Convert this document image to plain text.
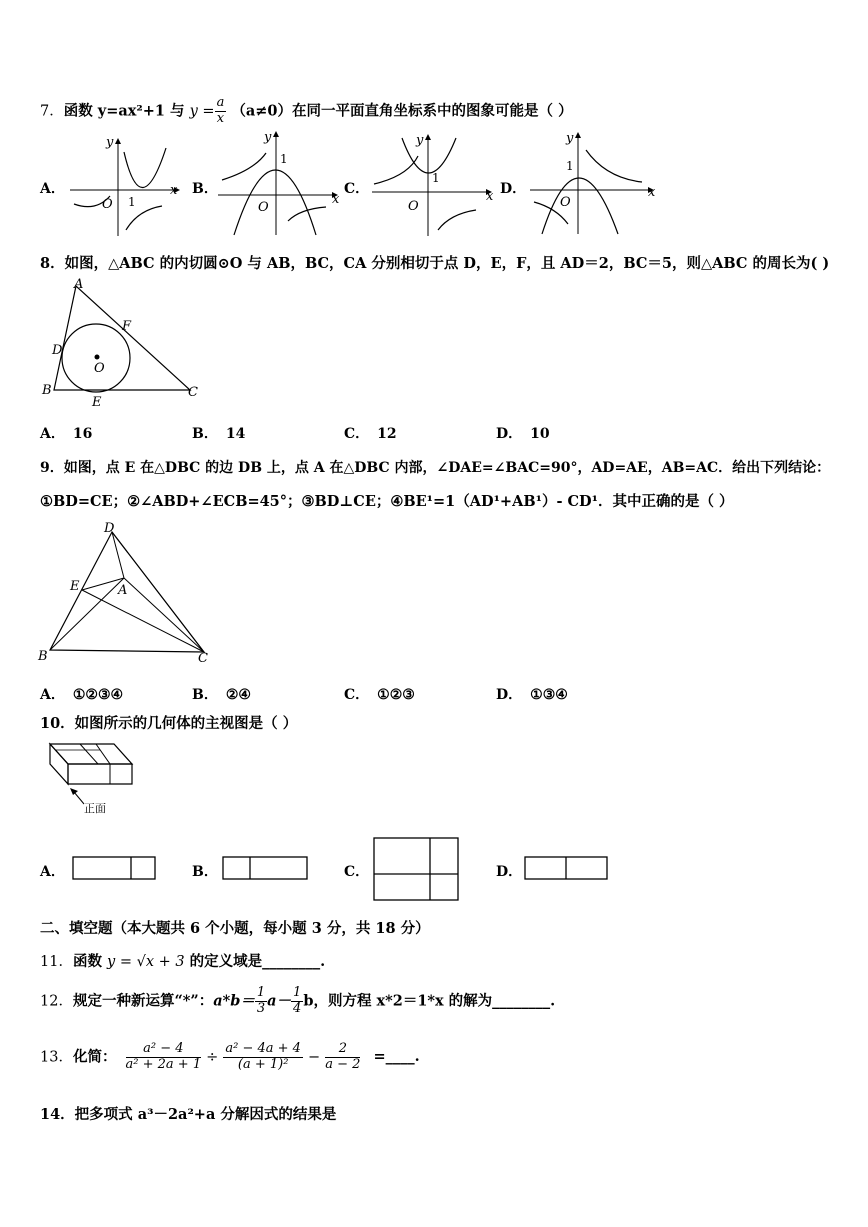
7．函数 y=ax²+1 与 $y = \frac{a}{x} (a\ne 0)$在同一平面直角坐标系中的图象可能是（ ）
A．	B．	C．	D．
y
x
O 1
y
x
O
1
y
x
O
1
y
x
O
1
8．如图，△ABC 的内切圆⊙O 与 AB，BC，CA 分别相切于点 D，E，F，且 AD＝2，BC＝5，则△ABC 的周长为( )
A
B	C
D
E
F
O
A． 16	B． 14	C． 12	D． 10
9．如图，点 E 在△DBC 的边 DB 上，点 A 在△DBC 内部，∠DAE=∠BAC=90°，AD=AE，AB=AC．给出下列结论：
①BD=CE；②∠ABD+∠ECB=45°；③BD⊥CE；④BE¹=1（AD¹+AB¹）- CD¹．其中正确的是（ ）
D
E	A
B	C
A． ①②③④	B． ②④	C． ①②③	D． ①③④
10．如图所示的几何体的主视图是（ ）
正面
A．	B．	C．	D．
二、填空题（本大题共 6 个小题，每小题 3 分，共 18 分）
11．函数 y = √x + 3 的定义域是________.
12．规定一种新运算“*”：$a*b= \frac{1}{3} a- \frac{1}{4}$ b，则方程 x*2＝1*x 的解为________.
13．化简： $\frac{\text{a² − 4}}{\text{a² + 2a + 1}} \div \frac{\text{a² − 4a + 4}}{\text{(a + 1)²}} - \frac{2}{a - 2}$ =____.
14．把多项式 a³－2a²+a 分解因式的结果是
